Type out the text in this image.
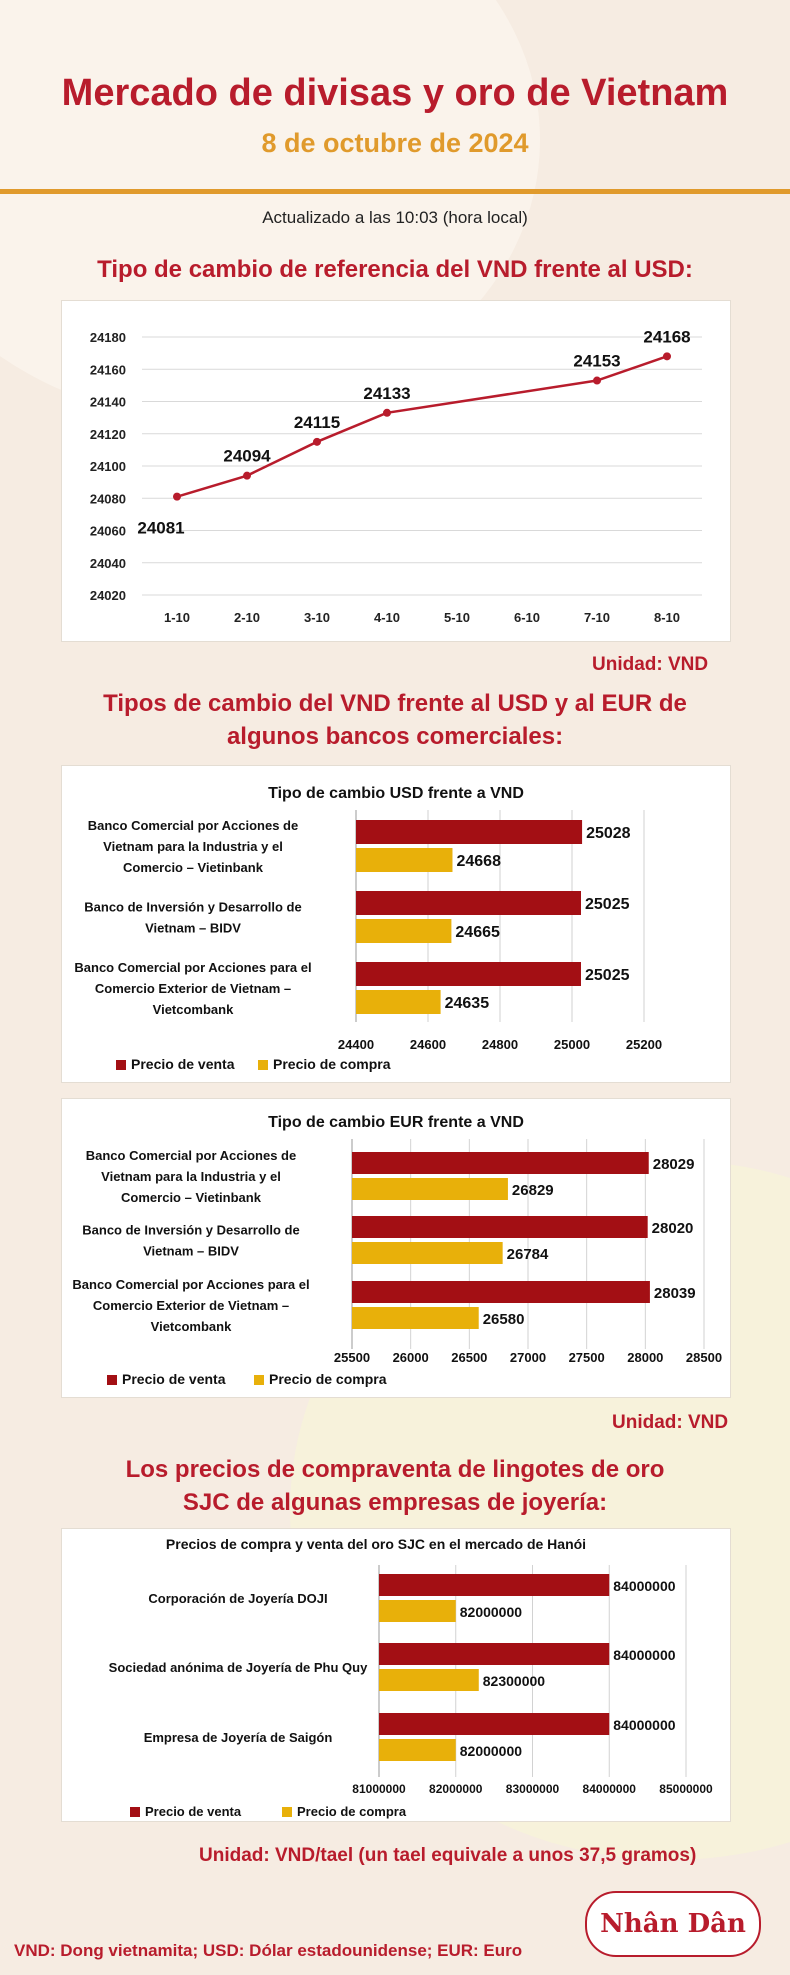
Mercado de divisas y oro de Vietnam
8 de octubre de 2024
Actualizado a las 10:03 (hora local)
Tipo de cambio de referencia del VND frente al USD:
24020
24040
24060
24080
24100
24120
24140
24160
24180
1-10	2-10	3-10	4-10	5-10	6-10	7-10	8-10
24081
24094
24115
24133
24153
24168
Unidad: VND
Tipos de cambio del VND frente al USD y al EUR de
algunos bancos comerciales:
Tipo de cambio USD frente a VND
24400	24600	24800	25000	25200
Banco Comercial por Acciones de
Vietnam para la Industria y el
Comercio – Vietinbank
25028
24668
Banco de Inversión y Desarrollo de
Vietnam – BIDV
25025
24665
Banco Comercial por Acciones para el
Comercio Exterior de Vietnam –
Vietcombank
25025
24635
Precio de venta	Precio de compra
Tipo de cambio EUR frente a VND
25500 26000 26500 27000 27500 28000 28500
Banco Comercial por Acciones de
Vietnam para la Industria y el
Comercio – Vietinbank
28029
26829
Banco de Inversión y Desarrollo de
Vietnam – BIDV
28020
26784
Banco Comercial por Acciones para el
Comercio Exterior de Vietnam –
Vietcombank
28039
26580
Precio de venta	Precio de compra
Unidad: VND
Los precios de compraventa de lingotes de oro
SJC de algunas empresas de joyería:
Precios de compra y venta del oro SJC en el mercado de Hanói
81000000 82000000 83000000 84000000 85000000
Corporación de Joyería DOJI
84000000
82000000
Sociedad anónima de Joyería de Phu Quy
84000000
82300000
Empresa de Joyería de Saigón
84000000
82000000
Precio de venta	Precio de compra
Unidad: VND/tael (un tael equivale a unos 37,5 gramos)
VND: Dong vietnamita; USD: Dólar estadounidense; EUR: Euro
Nhân Dân
